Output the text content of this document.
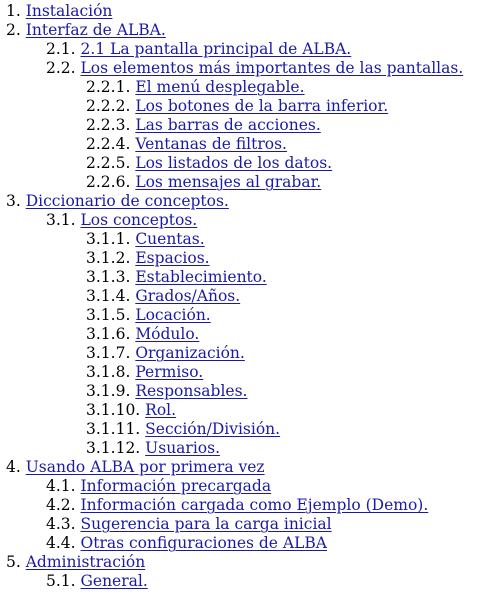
1. Instalación
2. Interfaz de ALBA.
2.1. 2.1 La pantalla principal de ALBA.
2.2. Los elementos más importantes de las pantallas.
2.2.1. El menú desplegable.
2.2.2. Los botones de la barra inferior.
2.2.3. Las barras de acciones.
2.2.4. Ventanas de filtros.
2.2.5. Los listados de los datos.
2.2.6. Los mensajes al grabar.
3. Diccionario de conceptos.
3.1. Los conceptos.
3.1.1. Cuentas.
3.1.2. Espacios.
3.1.3. Establecimiento.
3.1.4. Grados/Años.
3.1.5. Locación.
3.1.6. Módulo.
3.1.7. Organización.
3.1.8. Permiso.
3.1.9. Responsables.
3.1.10. Rol.
3.1.11. Sección/División.
3.1.12. Usuarios.
4. Usando ALBA por primera vez
4.1. Información precargada
4.2. Información cargada como Ejemplo (Demo).
4.3. Sugerencia para la carga inicial
4.4. Otras configuraciones de ALBA
5. Administración
5.1. General.
